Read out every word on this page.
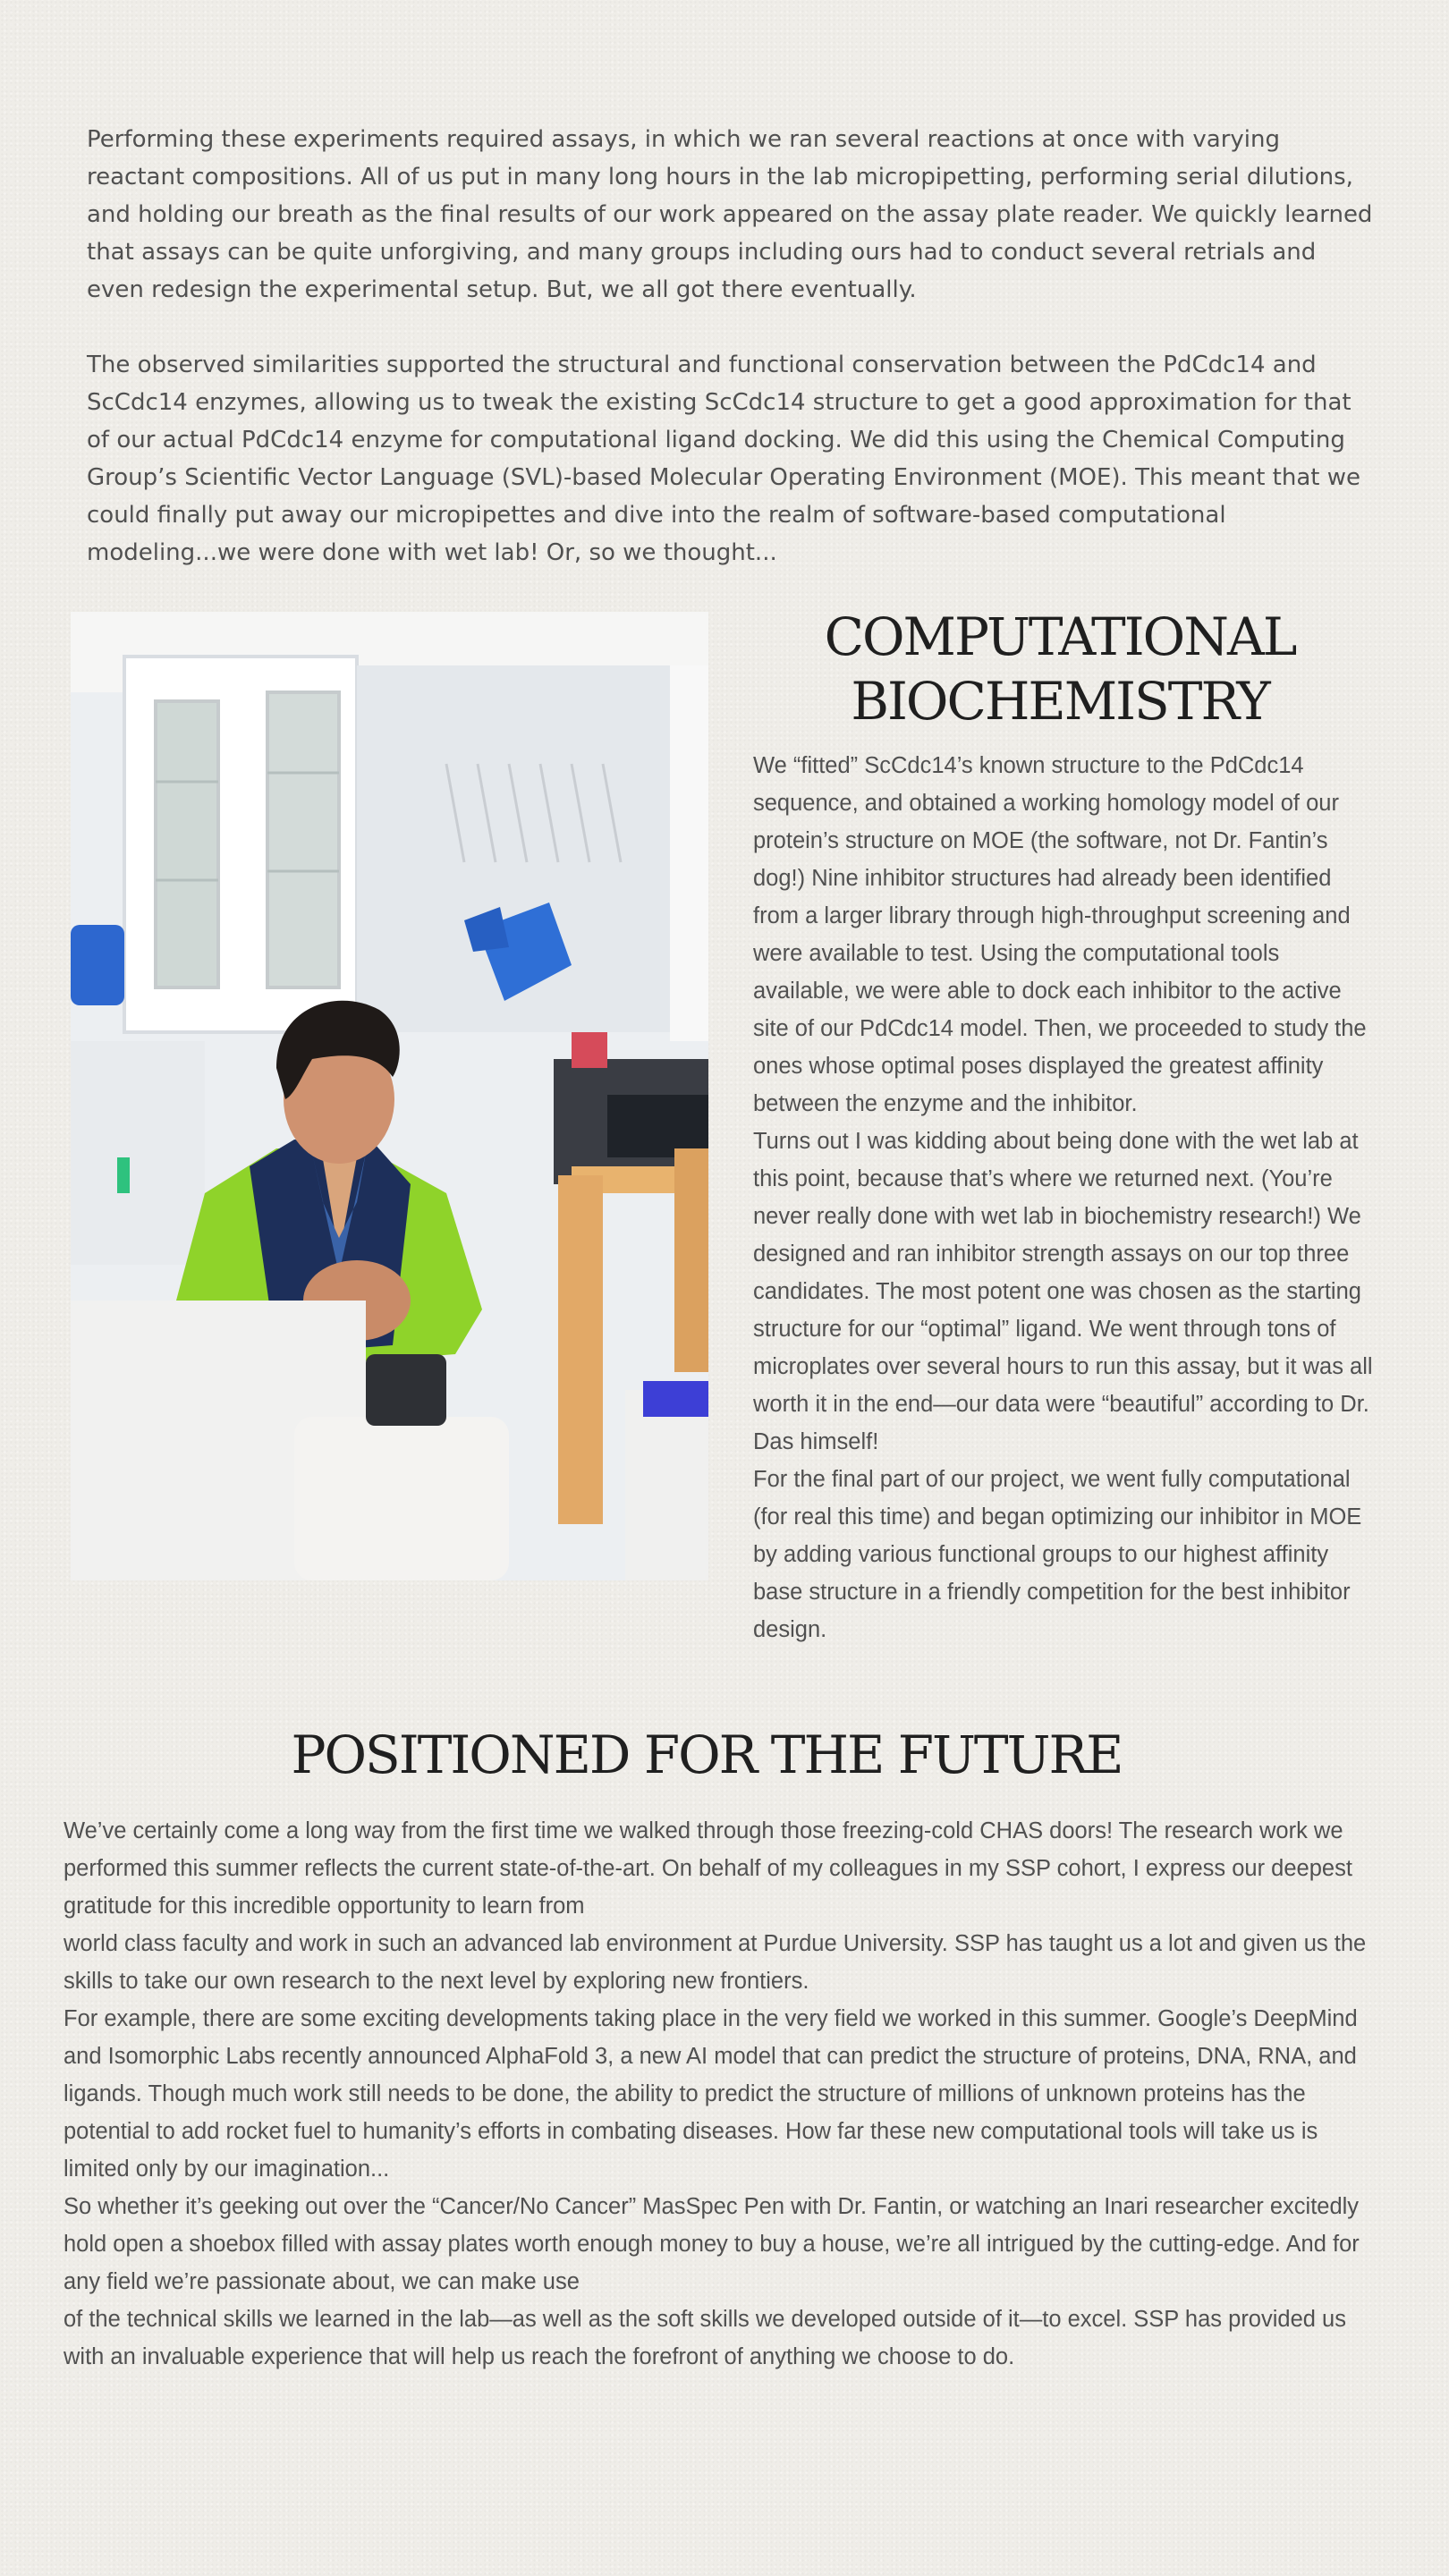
Performing these experiments required assays, in which we ran several reactions at once with varying reactant compositions. All of us put in many long hours in the lab micropipetting, performing serial dilutions, and holding our breath as the final results of our work appeared on the assay plate reader. We quickly learned that assays can be quite unforgiving, and many groups including ours had to conduct several retrials and even redesign the experimental setup. But, we all got there eventually.

The observed similarities supported the structural and functional conservation between the PdCdc14 and ScCdc14 enzymes, allowing us to tweak the existing ScCdc14 structure to get a good approximation for that of our actual PdCdc14 enzyme for computational ligand docking. We did this using the Chemical Computing Group’s Scientific Vector Language (SVL)-based Molecular Operating Environment (MOE). This meant that we could finally put away our micropipettes and dive into the realm of software-based computational modeling...we were done with wet lab! Or, so we thought...

COMPUTATIONAL BIOCHEMISTRY

We “fitted” ScCdc14’s known structure to the PdCdc14 sequence, and obtained a working homology model of our protein’s structure on MOE (the software, not Dr. Fantin’s dog!) Nine inhibitor structures had already been identified from a larger library through high-throughput screening and were available to test. Using the computational tools available, we were able to dock each inhibitor to the active site of our PdCdc14 model. Then, we proceeded to study the ones whose optimal poses displayed the greatest affinity between the enzyme and the inhibitor.

Turns out I was kidding about being done with the wet lab at this point, because that’s where we returned next. (You’re never really done with wet lab in biochemistry research!) We designed and ran inhibitor strength assays on our top three candidates. The most potent one was chosen as the starting structure for our “optimal” ligand. We went through tons of microplates over several hours to run this assay, but it was all worth it in the end—our data were “beautiful” according to Dr. Das himself!

For the final part of our project, we went fully computational (for real this time) and began optimizing our inhibitor in MOE by adding various functional groups to our highest affinity base structure in a friendly competition for the best inhibitor design.

POSITIONED FOR THE FUTURE

We’ve certainly come a long way from the first time we walked through those freezing-cold CHAS doors! The research work we performed this summer reflects the current state-of-the-art. On behalf of my colleagues in my SSP cohort, I express our deepest

gratitude for this incredible opportunity to learn from

world class faculty and work in such an advanced lab environment at Purdue University. SSP has taught us a lot and given us the skills to take our own research to the next level by exploring new frontiers.

For example, there are some exciting developments taking place in the very field we worked in this summer. Google’s DeepMind and Isomorphic Labs recently announced AlphaFold 3, a new AI model that can predict the structure of proteins, DNA, RNA, and ligands. Though much work still needs to be done, the ability to predict the structure of millions of unknown proteins has the potential to add rocket fuel to humanity’s efforts in combating diseases. How far these new computational tools will take us is limited only by our imagination...

So whether it’s geeking out over the “Cancer/No Cancer” MasSpec Pen with Dr. Fantin, or watching an Inari researcher excitedly hold open a shoebox filled with assay plates worth enough money to buy a house, we’re all intrigued by the cutting-edge. And for any field we’re passionate about, we can make use

of the technical skills we learned in the lab—as well as the soft skills we developed outside of it—to excel. SSP has provided us with an invaluable experience that will help us reach the forefront of anything we choose to do.
